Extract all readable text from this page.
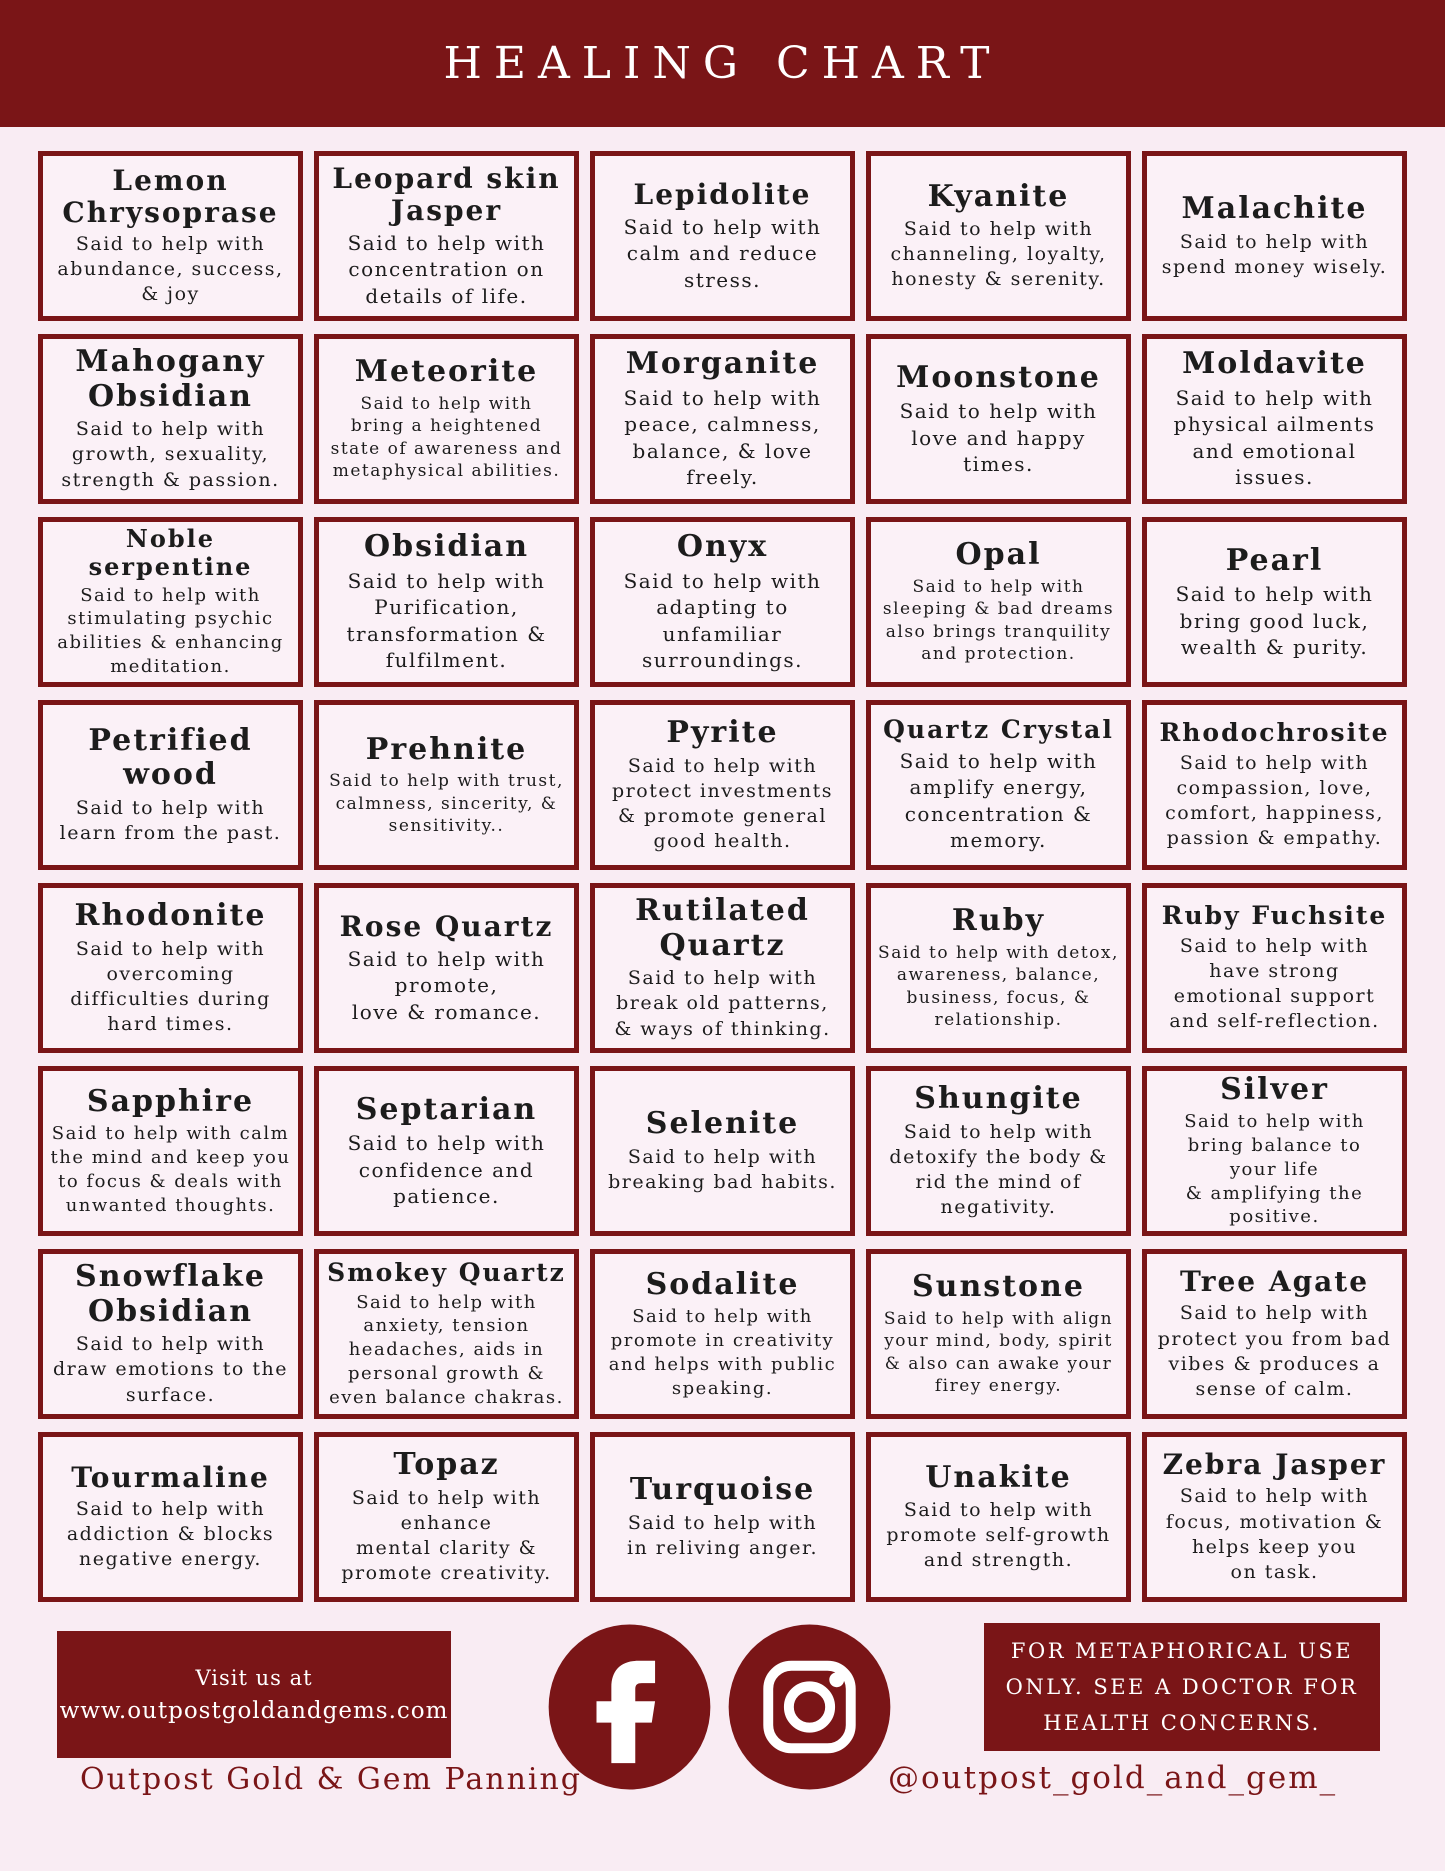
HEALING CHART
Lemon
Chrysoprase
Said to help with
abundance, success,
& joy
Leopard skin
Jasper
Said to help with
concentration on
details of life.
Lepidolite
Said to help with
calm and reduce
stress.
Kyanite
Said to help with
channeling, loyalty,
honesty & serenity.
Malachite
Said to help with
spend money wisely.
Mahogany
Obsidian
Said to help with
growth, sexuality,
strength & passion.
Meteorite
Said to help with
bring a heightened
state of awareness and
metaphysical abilities.
Morganite
Said to help with
peace, calmness,
balance, & love
freely.
Moonstone
Said to help with
love and happy
times.
Moldavite
Said to help with
physical ailments
and emotional
issues.
Noble
serpentine
Said to help with
stimulating psychic
abilities & enhancing
meditation.
Obsidian
Said to help with
Purification,
transformation &
fulfilment.
Onyx
Said to help with
adapting to
unfamiliar
surroundings.
Opal
Said to help with
sleeping & bad dreams
also brings tranquility
and protection.
Pearl
Said to help with
bring good luck,
wealth & purity.
Petrified
wood
Said to help with
learn from the past.
Prehnite
Said to help with trust,
calmness, sincerity, &
sensitivity..
Pyrite
Said to help with
protect investments
& promote general
good health.
Quartz Crystal
Said to help with
amplify energy,
concentration &
memory.
Rhodochrosite
Said to help with
compassion, love,
comfort, happiness,
passion & empathy.
Rhodonite
Said to help with
overcoming
difficulties during
hard times.
Rose Quartz
Said to help with
promote,
love & romance.
Rutilated
Quartz
Said to help with
break old patterns,
& ways of thinking.
Ruby
Said to help with detox,
awareness, balance,
business, focus, &
relationship.
Ruby Fuchsite
Said to help with
have strong
emotional support
and self-reflection.
Sapphire
Said to help with calm
the mind and keep you
to focus & deals with
unwanted thoughts.
Septarian
Said to help with
confidence and
patience.
Selenite
Said to help with
breaking bad habits.
Shungite
Said to help with
detoxify the body &
rid the mind of
negativity.
Silver
Said to help with
bring balance to
your life
& amplifying the
positive.
Snowflake
Obsidian
Said to help with
draw emotions to the
surface.
Smokey Quartz
Said to help with
anxiety, tension
headaches, aids in
personal growth &
even balance chakras.
Sodalite
Said to help with
promote in creativity
and helps with public
speaking.
Sunstone
Said to help with align
your mind, body, spirit
& also can awake your
firey energy.
Tree Agate
Said to help with
protect you from bad
vibes & produces a
sense of calm.
Tourmaline
Said to help with
addiction & blocks
negative energy.
Topaz
Said to help with
enhance
mental clarity &
promote creativity.
Turquoise
Said to help with
in reliving anger.
Unakite
Said to help with
promote self-growth
and strength.
Zebra Jasper
Said to help with
focus, motivation &
helps keep you
on task.
Visit us at
www.outpostgoldandgems.com
Outpost Gold & Gem Panning
FOR METAPHORICAL USE
ONLY. SEE A DOCTOR FOR
HEALTH CONCERNS.
@outpost_gold_and_gem_
